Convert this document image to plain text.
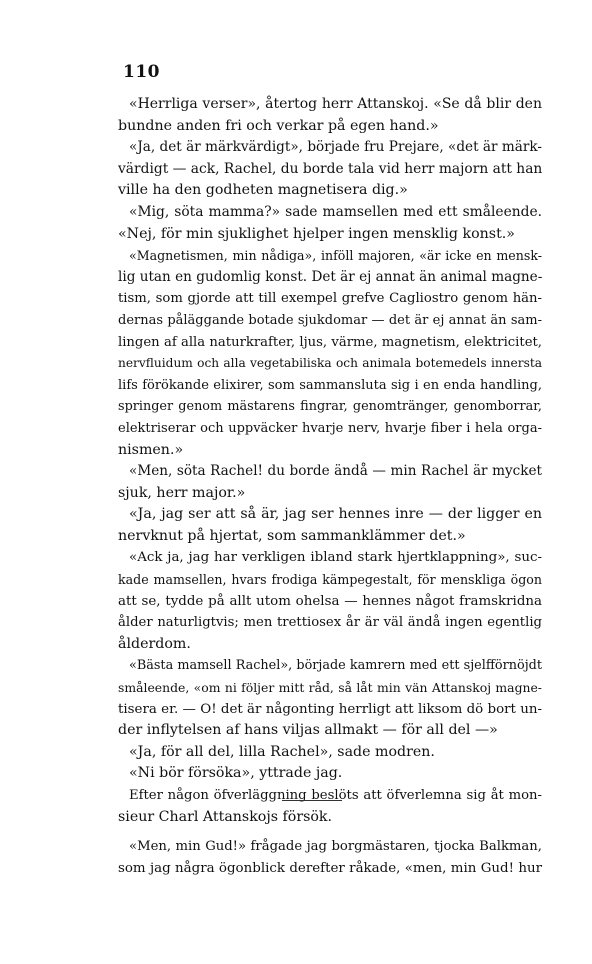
110
«Herrliga verser», återtog herr Attanskoj. «Se då blir den
bundne anden fri och verkar på egen hand.»
«Ja, det är märkvärdigt», började fru Prejare, «det är märk-
värdigt — ack, Rachel, du borde tala vid herr majorn att han
ville ha den godheten magnetisera dig.»
«Mig, söta mamma?» sade mamsellen med ett småleende.
«Nej, för min sjuklighet hjelper ingen mensklig konst.»
«Magnetismen, min nådiga», inföll majoren, «är icke en mensk-
lig utan en gudomlig konst. Det är ej annat än animal magne-
tism, som gjorde att till exempel grefve Cagliostro genom hän-
dernas påläggande botade sjukdomar — det är ej annat än sam-
lingen af alla naturkrafter, ljus, värme, magnetism, elektricitet,
nervfluidum och alla vegetabiliska och animala botemedels innersta
lifs förökande elixirer, som sammansluta sig i en enda handling,
springer genom mästarens fingrar, genomtränger, genomborrar,
elektriserar och uppväcker hvarje nerv, hvarje fiber i hela orga-
nismen.»
«Men, söta Rachel! du borde ändå — min Rachel är mycket
sjuk, herr major.»
«Ja, jag ser att så är, jag ser hennes inre — der ligger en
nervknut på hjertat, som sammanklämmer det.»
«Ack ja, jag har verkligen ibland stark hjertklappning», suc-
kade mamsellen, hvars frodiga kämpegestalt, för menskliga ögon
att se, tydde på allt utom ohelsa — hennes något framskridna
ålder naturligtvis; men trettiosex år är väl ändå ingen egentlig
ålderdom.
«Bästa mamsell Rachel», började kamrern med ett sjelfförnöjdt
småleende, «om ni följer mitt råd, så låt min vän Attanskoj magne-
tisera er. — O! det är någonting herrligt att liksom dö bort un-
der inflytelsen af hans viljas allmakt — för all del —»
«Ja, för all del, lilla Rachel», sade modren.
«Ni bör försöka», yttrade jag.
Efter någon öfverläggning beslöts att öfverlemna sig åt mon-
sieur Charl Attanskojs försök.
«Men, min Gud!» frågade jag borgmästaren, tjocka Balkman,
som jag några ögonblick derefter råkade, «men, min Gud! hur
